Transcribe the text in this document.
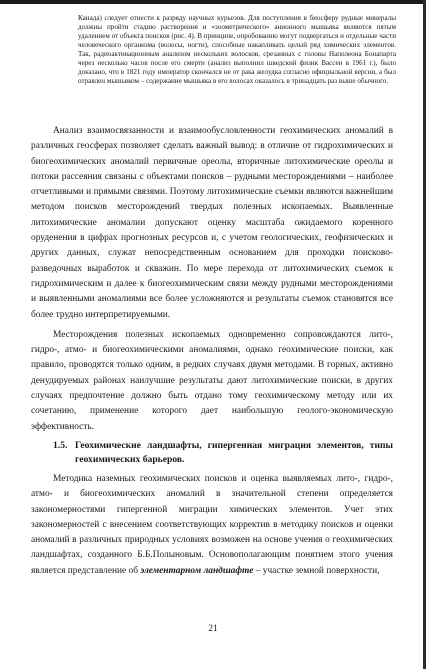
Канада) следует отнести к разряду научных курьезов. Для поступления в биосферу рудные минералы должны пройти стадию растворения и «зоометрического» анионного мышьяка являются пятым удалением от объекта поисков (рис. 4). В принципе, опробованию могут подвергаться и отдельные части человеческого организма (волосы, ногти), способные накапливать целый ряд химических элементов. Так, радиоактивационным анализом нескольких волосков, срезанных с головы Наполеона Бонапарта через несколько часов после его смерти (анализ выполнил шведский физик Вассен в 1961 г.), было доказано, что в 1821 году император скончался не от рака желудка согласно официальной версии, а был отравлен мышьяком – содержание мышьяка в его волосах оказалось в тринадцать раз выше обычного.

Анализ взаимосвязанности и взаимообусловленности геохимических аномалий в различных геосферах позволяет сделать важный вывод: в отличие от гидрохимических и биогеохимических аномалий первичные ореолы, вторичные литохимические ореолы и потоки рассеяния связаны с объектами поисков – рудными месторождениями – наиболее отчетливыми и прямыми связями. Поэтому литохимические съемки являются важнейшим методом поисков месторождений твердых полезных ископаемых. Выявленные литохимические аномалии допускают оценку масштаба ожидаемого коренного оруденения в цифрах прогнозных ресурсов и, с учетом геологических, геофизических и других данных, служат непосредственным основанием для проходки поисково-разведочных выработок и скважин. По мере перехода от литохимических съемок к гидрохимическим и далее к биогеохимическим связи между рудными месторождениями и выявленными аномалиями все более усложняются и результаты съемок становятся все более трудно интерпретируемыми.

Месторождения полезных ископаемых одновременно сопровождаются лито-, гидро-, атмо- и биогеохимическими аномалиями, однако геохимические поиски, как правило, проводятся только одним, в редких случаях двумя методами. В горных, активно денудируемых районах наилучшие результаты дают литохимические поиски, в других случаях предпочтение должно быть отдано тому геохимическому методу или их сочетанию, применение которого дает наибольшую геолого-экономическую эффективность.

1.5. Геохимические ландшафты, гипергенная миграция элементов, типы геохимических барьеров.

Методика наземных геохимических поисков и оценка выявляемых лито-, гидро-, атмо- и биогеохимических аномалий в значительной степени определяется закономерностями гипергенной миграции химических элементов. Учет этих закономерностей с внесением соответствующих корректив в методику поисков и оценки аномалий в различных природных условиях возможен на основе учения о геохимических ландшафтах, созданного Б.Б.Полыновым. Основополагающим понятием этого учения является представление об элементарном ландшафте – участке земной поверхности,

21
